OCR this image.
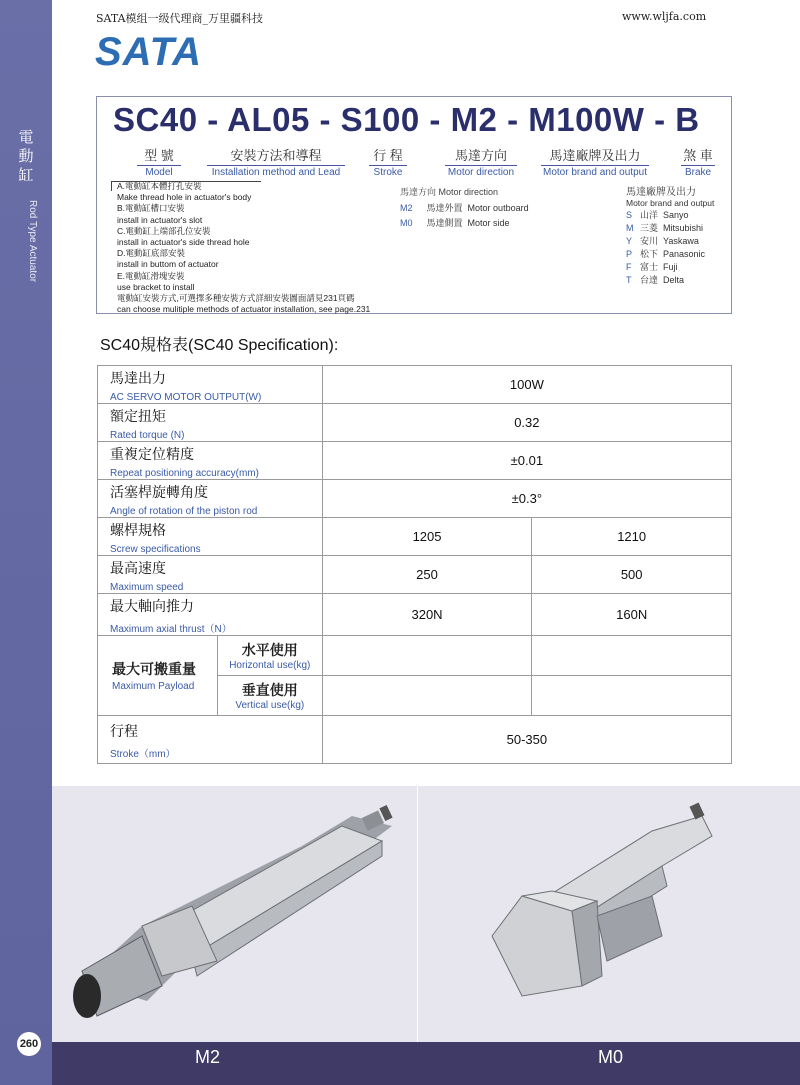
電
動
缸
Rod Type Actuator
260
SATA模组一级代理商_万里疆科技	www.wljfa.com
SATA
SC40 - AL05 - S100 - M2 - M100W - B
型 號
Model
安裝方法和導程
Installation method and Lead
行 程
Stroke
馬達方向
Motor direction
馬達廠牌及出力
Motor brand and output
煞 車
Brake
A.電動缸本體打孔安裝
Make thread hole in actuator's body
B.電動缸槽口安裝
install in actuator's slot
C.電動缸上端部孔位安裝
install in actuator's side thread hole
D.電動缸底部安裝
install in buttom of actuator
E.電動缸滑塊安裝
use bracket to install
電動缸安裝方式,可選擇多種安裝方式詳細安裝圖面請見231頁碼
can choose mulitiple methods of actuator installation, see page.231
馬達方向 Motor direction
M2 馬達外置 Motor outboard
M0 馬達側置 Motor side
馬達廠牌及出力
Motor brand and output
S 山洋 Sanyo
M 三菱 Mitsubishi
Y 安川 Yaskawa
P 松下 Panasonic
F 富士 Fuji
T 台達 Delta
SC40規格表(SC40 Specification):
馬達出力
AC SERVO MOTOR OUTPUT(W)		100W	

額定扭矩
Rated torque (N)		0.32	

重複定位精度
Repeat positioning accuracy(mm)		±0.01	

活塞桿旋轉角度
Angle of rotation of the piston rod		±0.3°	

螺桿規格
Screw specifications		1205	1210

最高速度
Maximum speed		250	500

最大軸向推力
Maximum axial thrust（N）		320N	160N

最大可搬重量
Maximum Payload	水平使用
Horizontal use(kg)		

	垂直使用
Vertical use(kg)		

行程
Stroke（mm）		50-350	
M2	M0
